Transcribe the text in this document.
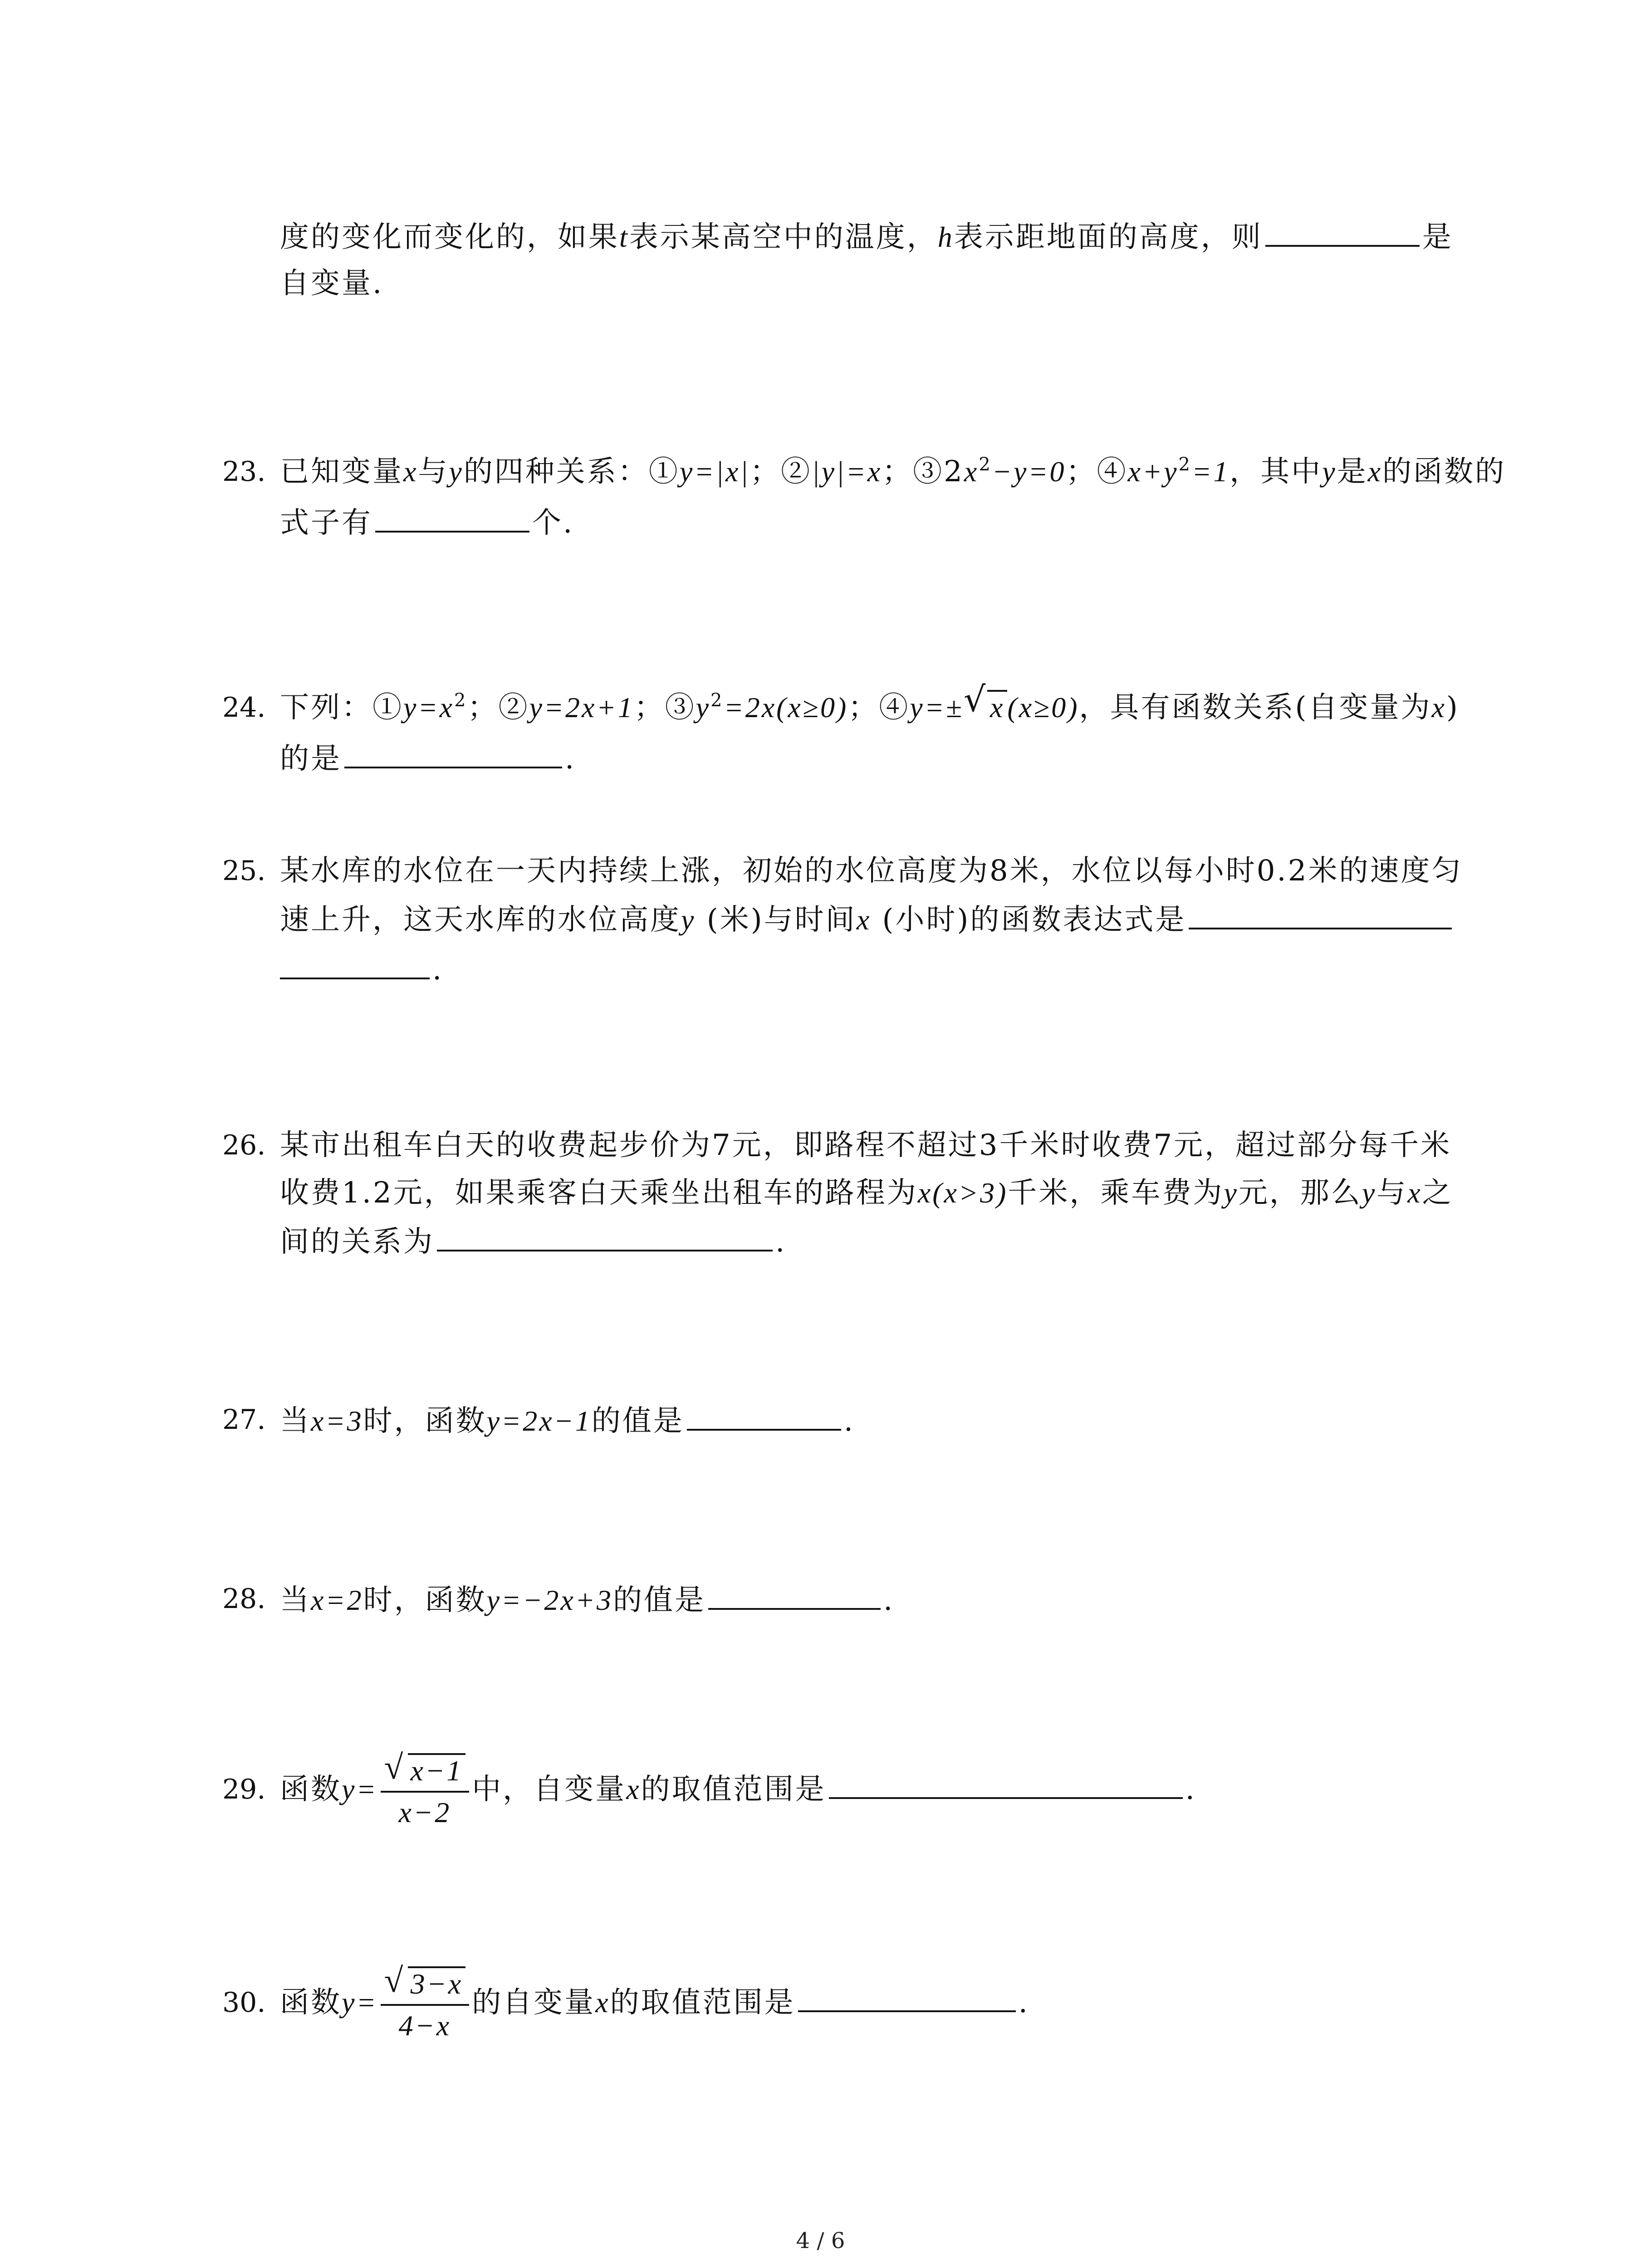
度的变化而变化的，如果t表示某高空中的温度，h表示距地面的高度，则	是
自变量.
23. 已知变量x与y的四种关系：①y=|x|；②|y|=x；$③2x^2-y=0$；$④x+y^2=1$，其中y是x的函数的
式子有	个.
24. 下列：$①y=x^2$；②y=2x+1；$③y^2=2x(x\ge 0)$；④y=± √ x(x≥0)，具有函数关系(自变量为x)
的是	.
25. 某水库的水位在一天内持续上涨，初始的水位高度为8米，水位以每小时0.2米的速度匀
速上升，这天水库的水位高度y (米)与时间x (小时)的函数表达式是
.
26. 某市出租车白天的收费起步价为7元，即路程不超过3千米时收费7元，超过部分每千米
收费1.2元，如果乘客白天乘坐出租车的路程为x(x>3)千米，乘车费为y元，那么y与x之
间的关系为	.
27. 当x=3时，函数y=2x−1的值是	.
28. 当x=2时，函数y=−2x+3的值是	.
29. 函数$y= \frac{√ x-1}{x-2}$ 中，自变量x的取值范围是	.
30. 函数$y= \frac{√ 3-x}{4-x}$ 的自变量x的取值范围是	.
4 / 6
